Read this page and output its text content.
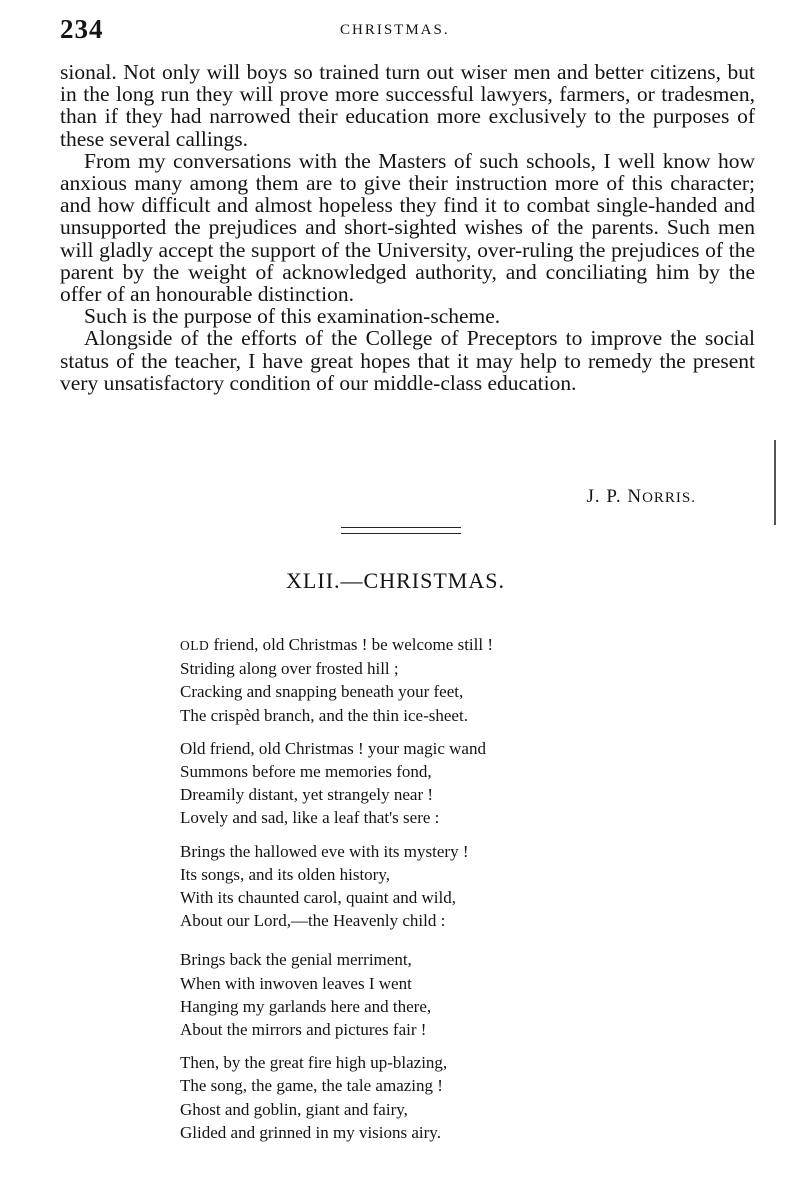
234	CHRISTMAS.

sional. Not only will boys so trained turn out wiser men and better citizens, but in the long run they will prove more successful lawyers, farmers, or tradesmen, than if they had narrowed their education more exclusively to the purposes of these several callings.

From my conversations with the Masters of such schools, I well know how anxious many among them are to give their instruction more of this character; and how difficult and almost hopeless they find it to combat single-handed and unsupported the prejudices and short-sighted wishes of the parents. Such men will gladly accept the support of the University, over-ruling the prejudices of the parent by the weight of acknowledged authority, and conciliating him by the offer of an honourable distinction.

Such is the purpose of this examination-scheme.

Alongside of the efforts of the College of Preceptors to improve the social status of the teacher, I have great hopes that it may help to remedy the present very unsatisfactory condition of our middle-class education.

J. P. NORRIS.
XLII.—CHRISTMAS.
OLD friend, old Christmas ! be welcome still !
Striding along over frosted hill ;
Cracking and snapping beneath your feet,
The crispèd branch, and the thin ice-sheet.
Old friend, old Christmas ! your magic wand
Summons before me memories fond,
Dreamily distant, yet strangely near !
Lovely and sad, like a leaf that's sere :
Brings the hallowed eve with its mystery !
Its songs, and its olden history,
With its chaunted carol, quaint and wild,
About our Lord,—the Heavenly child :
Brings back the genial merriment,
When with inwoven leaves I went
Hanging my garlands here and there,
About the mirrors and pictures fair !
Then, by the great fire high up-blazing,
The song, the game, the tale amazing !
Ghost and goblin, giant and fairy,
Glided and grinned in my visions airy.
